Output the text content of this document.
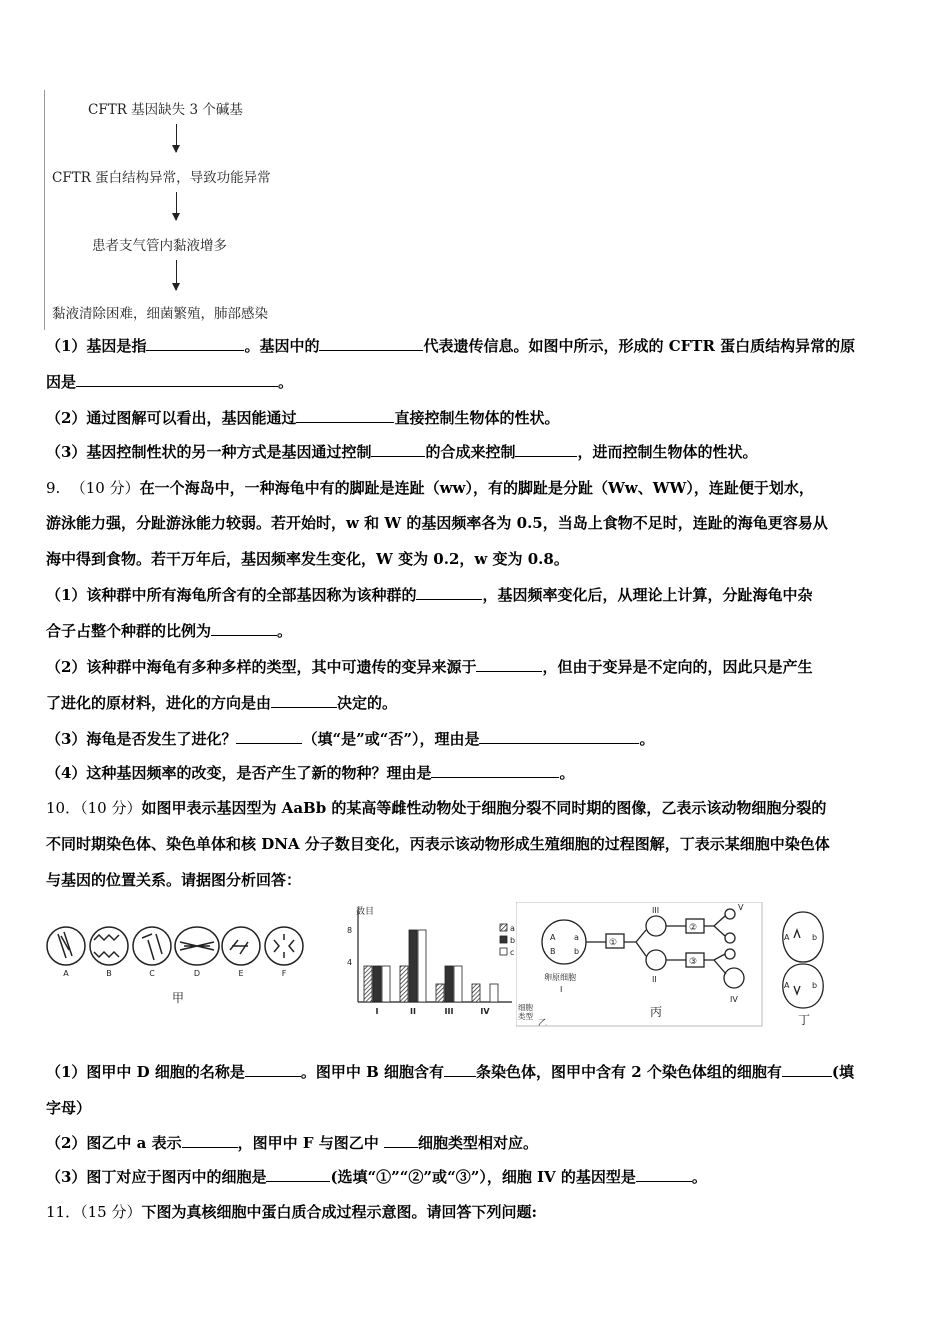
CFTR 基因缺失 3 个碱基
CFTR 蛋白结构异常，导致功能异常
患者支气管内黏液增多
黏液清除困难，细菌繁殖，肺部感染
（1）基因是指	。基因中的	代表遗传信息。如图中所示，形成的 CFTR 蛋白质结构异常的原
因是	。
（2）通过图解可以看出，基因能通过	直接控制生物体的性状。
（3）基因控制性状的另一种方式是基因通过控制	的合成来控制	，进而控制生物体的性状。
9. （10 分）在一个海岛中，一种海龟中有的脚趾是连趾（ww），有的脚趾是分趾（Ww、WW），连趾便于划水，
游泳能力强，分趾游泳能力较弱。若开始时，w 和 W 的基因频率各为 0.5，当岛上食物不足时，连趾的海龟更容易从
海中得到食物。若干万年后，基因频率发生变化，W 变为 0.2，w 变为 0.8。
（1）该种群中所有海龟所含有的全部基因称为该种群的	，基因频率变化后，从理论上计算，分趾海龟中杂
合子占整个种群的比例为	。
（2）该种群中海龟有多种多样的类型，其中可遗传的变异来源于	，但由于变异是不定向的，因此只是产生
了进化的原材料，进化的方向是由	决定的。
（3）海龟是否发生了进化？	（填“是”或“否”），理由是	。
（4）这种基因频率的改变，是否产生了新的物种？理由是	。
10．（10 分）如图甲表示基因型为 AaBb 的某高等雌性动物处于细胞分裂不同时期的图像，乙表示该动物细胞分裂的
不同时期染色体、染色单体和核 DNA 分子数目变化，丙表示该动物形成生殖细胞的过程图解，丁表示某细胞中染色体
与基因的位置关系。请据图分析回答：
A	B	C	D	E	F
甲
数目
8
4
细胞
类型
乙
I	II	III	IV
a
b
c
A a
B b
①
②
③
卵原细胞
I
II
III
IV
V
丙
A	b
A	b
丁
（1）图甲中 D 细胞的名称是	。图甲中 B 细胞含有 条染色体，图甲中含有 2 个染色体组的细胞有	(填
字母）
（2）图乙中 a 表示	，图甲中 F 与图乙中 细胞类型相对应。
（3）图丁对应于图丙中的细胞是	(选填“①”“②”或“③”），细胞 IV 的基因型是	。
11．（15 分）下图为真核细胞中蛋白质合成过程示意图。请回答下列问题:
